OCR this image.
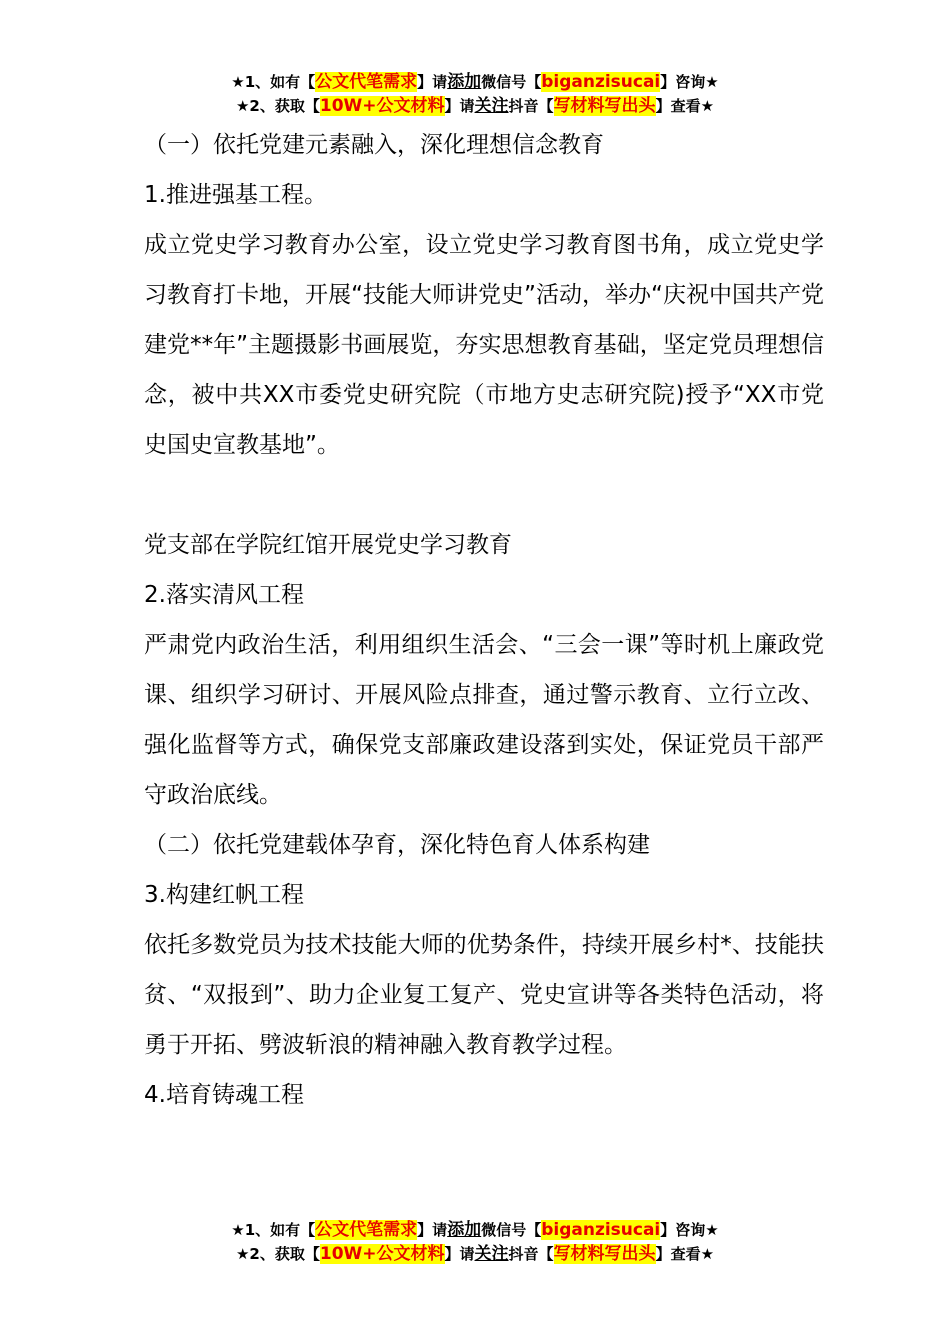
★1、如有【公文代笔需求】请添加微信号【biganzisucai】咨询★
★2、获取【10W+公文材料】请关注抖音【写材料写出头】查看★

（一）依托党建元素融入，深化理想信念教育

1.推进强基工程。

成立党史学习教育办公室，设立党史学习教育图书角，成立党史学习教育打卡地，开展“技能大师讲党史”活动，举办“庆祝中国共产党建党**年”主题摄影书画展览，夯实思想教育基础，坚定党员理想信念，被中共XX市委党史研究院（市地方史志研究院)授予“XX市党史国史宣教基地”。

党支部在学院红馆开展党史学习教育

2.落实清风工程

严肃党内政治生活，利用组织生活会、“三会一课”等时机上廉政党课、组织学习研讨、开展风险点排查，通过警示教育、立行立改、强化监督等方式，确保党支部廉政建设落到实处，保证党员干部严守政治底线。

（二）依托党建载体孕育，深化特色育人体系构建

3.构建红帆工程

依托多数党员为技术技能大师的优势条件，持续开展乡村*、技能扶贫、“双报到”、助力企业复工复产、党史宣讲等各类特色活动，将勇于开拓、劈波斩浪的精神融入教育教学过程。

4.培育铸魂工程

★1、如有【公文代笔需求】请添加微信号【biganzisucai】咨询★
★2、获取【10W+公文材料】请关注抖音【写材料写出头】查看★
